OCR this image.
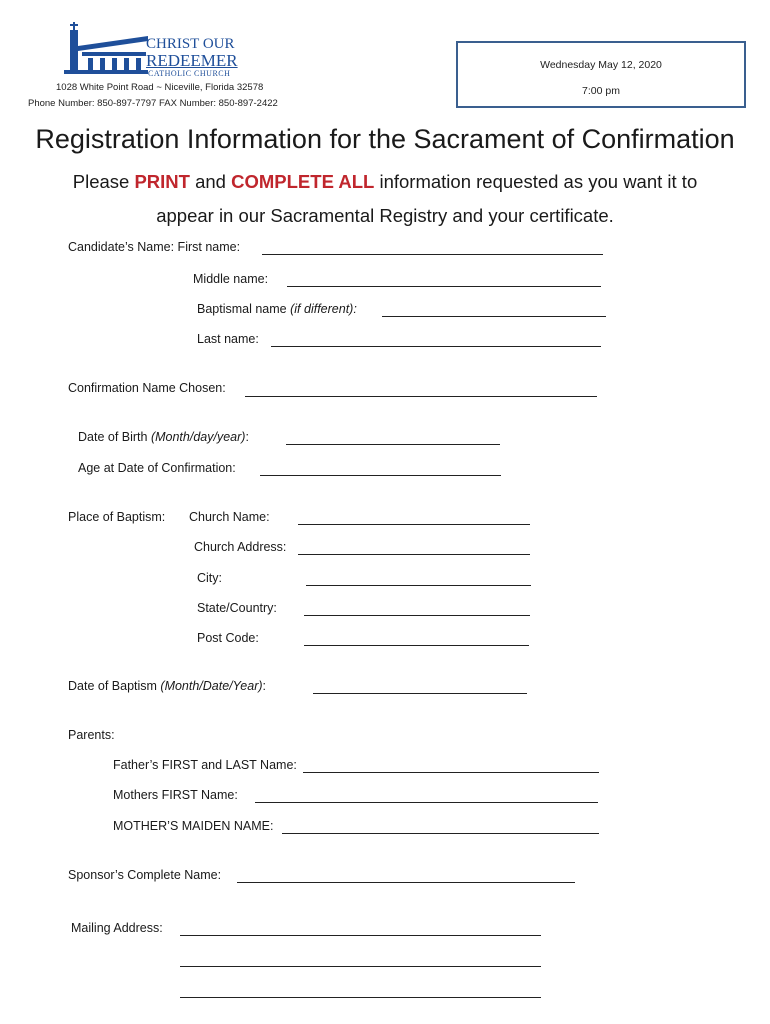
CHRIST OUR
REDEEMER
CATHOLIC CHURCH
1028 White Point Road ~ Niceville, Florida 32578
Phone Number: 850-897-7797 FAX Number: 850-897-2422
Wednesday May 12, 2020
7:00 pm
Registration Information for the Sacrament of Confirmation
Please PRINT and COMPLETE ALL information requested as you want it to
appear in our Sacramental Registry and your certificate.
Candidate’s Name: First name:
Middle name:
Baptismal name (if different):
Last name:
Confirmation Name Chosen:
Date of Birth (Month/day/year):
Age at Date of Confirmation:
Place of Baptism: Church Name:
Church Address:
City:
State/Country:
Post Code:
Date of Baptism (Month/Date/Year):
Parents:
Father’s FIRST and LAST Name:
Mothers FIRST Name:
MOTHER’S MAIDEN NAME:
Sponsor’s Complete Name:
Mailing Address:
